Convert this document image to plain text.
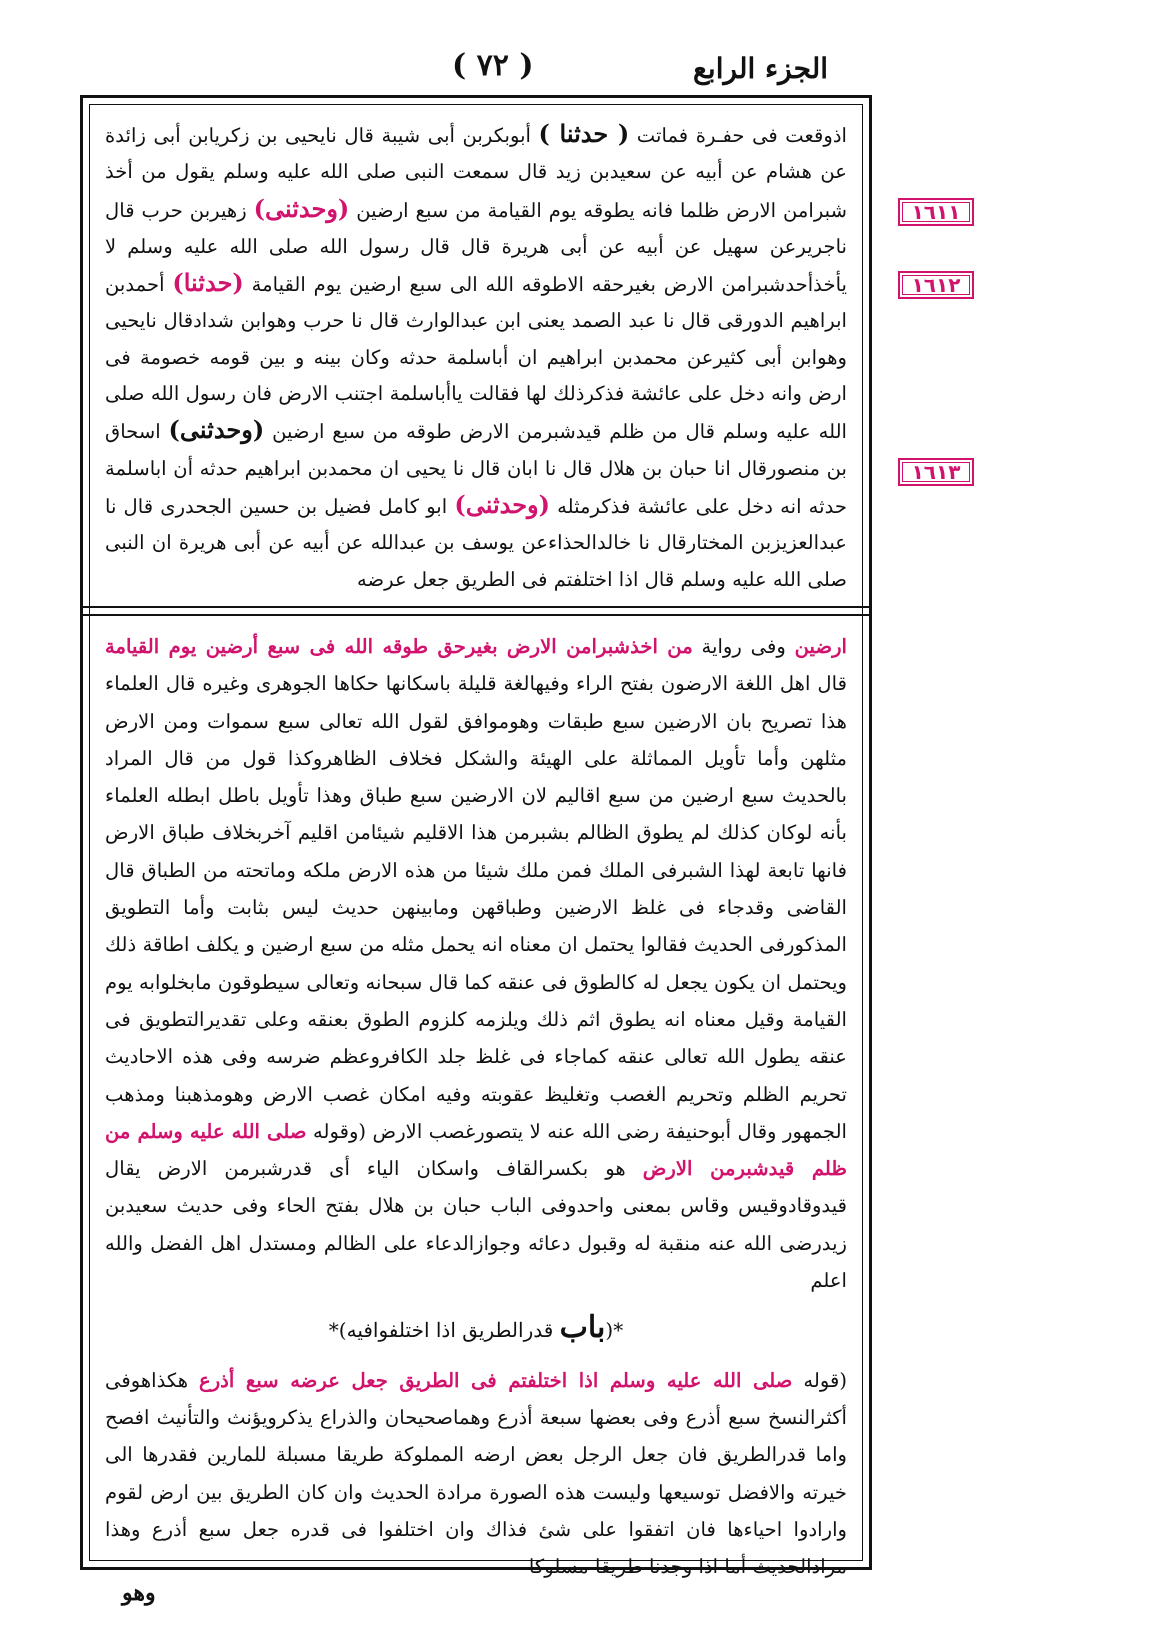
الجزء الرابع
( ٧٢ )
١٦١١
١٦١٢
١٦١٣
اذوقعت فى حفـرة فماتت ( حدثنا ) أبوبكربن أبى شيبة قال نايحيى بن زكريابن أبى زائدة عن هشام عن أبيه عن سعيدبن زيد قال سمعت النبى صلى الله عليه وسلم يقول من أخذ شبرامن الارض ظلما فانه يطوقه يوم القيامة من سبع ارضين (وحدثنى) زهيربن حرب قال ناجريرعن سهيل عن أبيه عن أبى هريرة قال قال رسول الله صلى الله عليه وسلم لا يأخذأحدشبرامن الارض بغيرحقه الاطوقه الله الى سبع ارضين يوم القيامة (حدثنا) أحمدبن ابراهيم الدورقى قال نا عبد الصمد يعنى ابن عبدالوارث قال نا حرب وهوابن شدادقال نايحيى وهوابن أبى كثيرعن محمدبن ابراهيم ان أباسلمة حدثه وكان بينه و بين قومه خصومة فى ارض وانه دخل على عائشة فذكرذلك لها فقالت ياأباسلمة اجتنب الارض فان رسول الله صلى الله عليه وسلم قال من ظلم قيدشبرمن الارض طوقه من سبع ارضين (وحدثنى) اسحاق بن منصورقال انا حبان بن هلال قال نا ابان قال نا يحيى ان محمدبن ابراهيم حدثه أن اباسلمة حدثه انه دخل على عائشة فذكرمثله (وحدثنى) ابو كامل فضيل بن حسين الجحدرى قال نا عبدالعزيزبن المختارقال نا خالدالحذاءعن يوسف بن عبدالله عن أبيه عن أبى هريرة ان النبى صلى الله عليه وسلم قال اذا اختلفتم فى الطريق جعل عرضه

ارضين وفى رواية من اخذشبرامن الارض بغيرحق طوقه الله فى سبع أرضين يوم القيامة قال اهل اللغة الارضون بفتح الراء وفيهالغة قليلة باسكانها حكاها الجوهرى وغيره قال العلماء هذا تصريح بان الارضين سبع طبقات وهوموافق لقول الله تعالى سبع سموات ومن الارض مثلهن وأما تأويل المماثلة على الهيئة والشكل فخلاف الظاهروكذا قول من قال المراد بالحديث سبع ارضين من سبع اقاليم لان الارضين سبع طباق وهذا تأويل باطل ابطله العلماء بأنه لوكان كذلك لم يطوق الظالم بشبرمن هذا الاقليم شيئامن اقليم آخربخلاف طباق الارض فانها تابعة لهذا الشبرفى الملك فمن ملك شيئا من هذه الارض ملكه وماتحته من الطباق قال القاضى وقدجاء فى غلظ الارضين وطباقهن ومابينهن حديث ليس بثابت وأما التطويق المذكورفى الحديث فقالوا يحتمل ان معناه انه يحمل مثله من سبع ارضين و يكلف اطاقة ذلك ويحتمل ان يكون يجعل له كالطوق فى عنقه كما قال سبحانه وتعالى سيطوقون مابخلوابه يوم القيامة وقيل معناه انه يطوق اثم ذلك ويلزمه كلزوم الطوق بعنقه وعلى تقديرالتطويق فى عنقه يطول الله تعالى عنقه كماجاء فى غلظ جلد الكافروعظم ضرسه وفى هذه الاحاديث تحريم الظلم وتحريم الغصب وتغليظ عقوبته وفيه امكان غصب الارض وهومذهبنا ومذهب الجمهور وقال أبوحنيفة رضى الله عنه لا يتصورغصب الارض (وقوله صلى الله عليه وسلم من ظلم قيدشبرمن الارض هو بكسرالقاف واسكان الياء أى قدرشبرمن الارض يقال قيدوقادوقيس وقاس بمعنى واحدوفى الباب حبان بن هلال بفتح الحاء وفى حديث سعيدبن زيدرضى الله عنه منقبة له وقبول دعائه وجوازالدعاء على الظالم ومستدل اهل الفضل والله اعلم

*(باب قدرالطريق اذا اختلفوافيه)*

(قوله صلى الله عليه وسلم اذا اختلفتم فى الطريق جعل عرضه سبع أذرع هكذاهوفى أكثرالنسخ سبع أذرع وفى بعضها سبعة أذرع وهماصحيحان والذراع يذكرويؤنث والتأنيث افصح واما قدرالطريق فان جعل الرجل بعض ارضه المملوكة طريقا مسبلة للمارين فقدرها الى خيرته والافضل توسيعها وليست هذه الصورة مرادة الحديث وان كان الطريق بين ارض لقوم وارادوا احياءها فان اتفقوا على شئ فذاك وان اختلفوا فى قدره جعل سبع أذرع وهذا مرادالحديث أما اذا وجدنا طريقا مسلوكا

وهو
